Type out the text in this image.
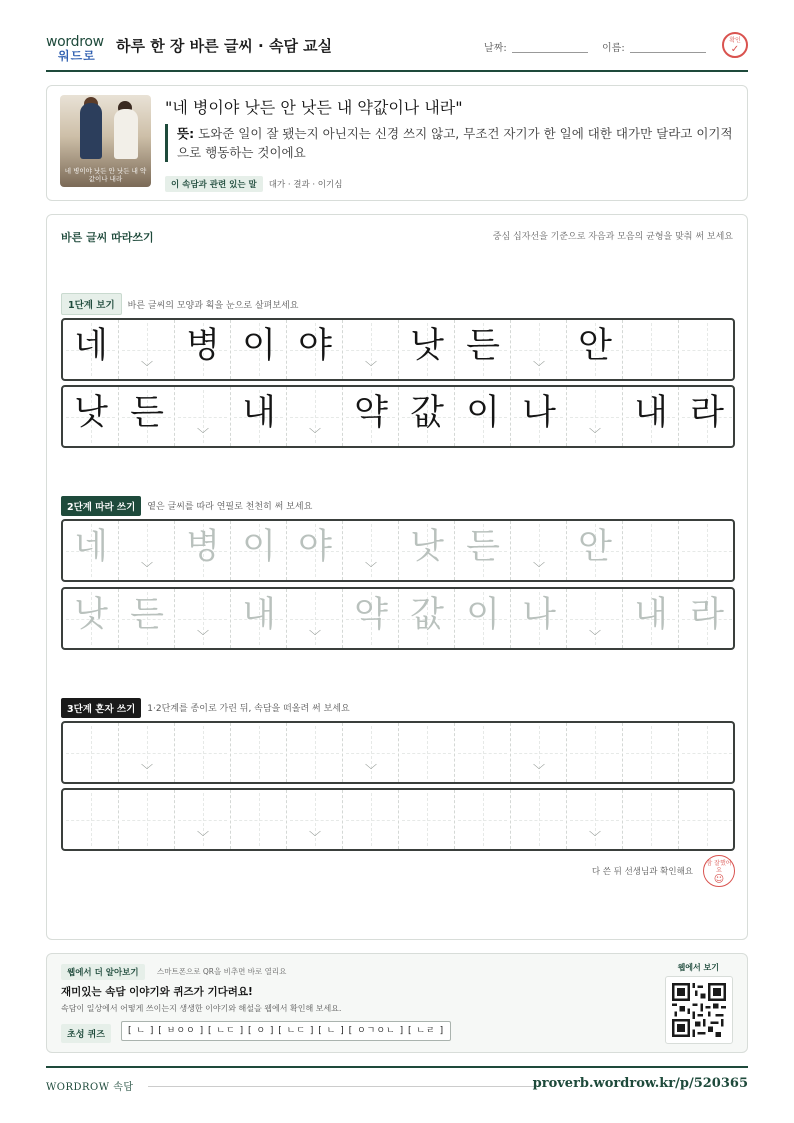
wordrow
워드로
하루 한 장 바른 글씨 · 속담 교실	날짜:	이름:
확인
✓
네 병이야 낫든 안 낫든 내 약값이나 내라
"네 병이야 낫든 안 낫든 내 약값이나 내라"
뜻: 도와준 일이 잘 됐는지 아닌지는 신경 쓰지 않고, 무조건 자기가 한 일에 대한 대가만 달라고 이기적으로 행동하는 것이에요
이 속담과 관련 있는 말 대가 · 결과 · 이기심
바른 글씨 따라쓰기	중심 십자선을 기준으로 자음과 모음의 균형을 맞춰 써 보세요
1단계 보기 바른 글씨의 모양과 획을 눈으로 살펴보세요
네
﹀
병 이 야
﹀
낫 든
﹀
안
낫 든
﹀
내
﹀
약 값 이 나
﹀
내 라
2단계 따라 쓰기 옅은 글씨를 따라 연필로 천천히 써 보세요
네
﹀
병 이 야
﹀
낫 든
﹀
안
낫 든
﹀
내
﹀
약 값 이 나
﹀
내 라
3단계 혼자 쓰기 1·2단계를 종이로 가린 뒤, 속담을 떠올려 써 보세요
﹀	﹀	﹀
﹀	﹀	﹀
다 쓴 뒤 선생님과 확인해요
참 잘했어요
☺
웹에서 더 알아보기	스마트폰으로 QR을 비추면 바로 열리요
재미있는 속담 이야기와 퀴즈가 기다려요!
속담이 일상에서 어떻게 쓰이는지 생생한 이야기와 해설을 웹에서 확인해 보세요.
초성 퀴즈	[ ㄴ ] [ ㅂㅇㅇ ] [ ㄴㄷ ] [ ㅇ ] [ ㄴㄷ ] [ ㄴ ] [ ㅇㄱㅇㄴ ] [ ㄴㄹ ]
웹에서 보기
WORDROW 속담	proverb.wordrow.kr/p/520365
